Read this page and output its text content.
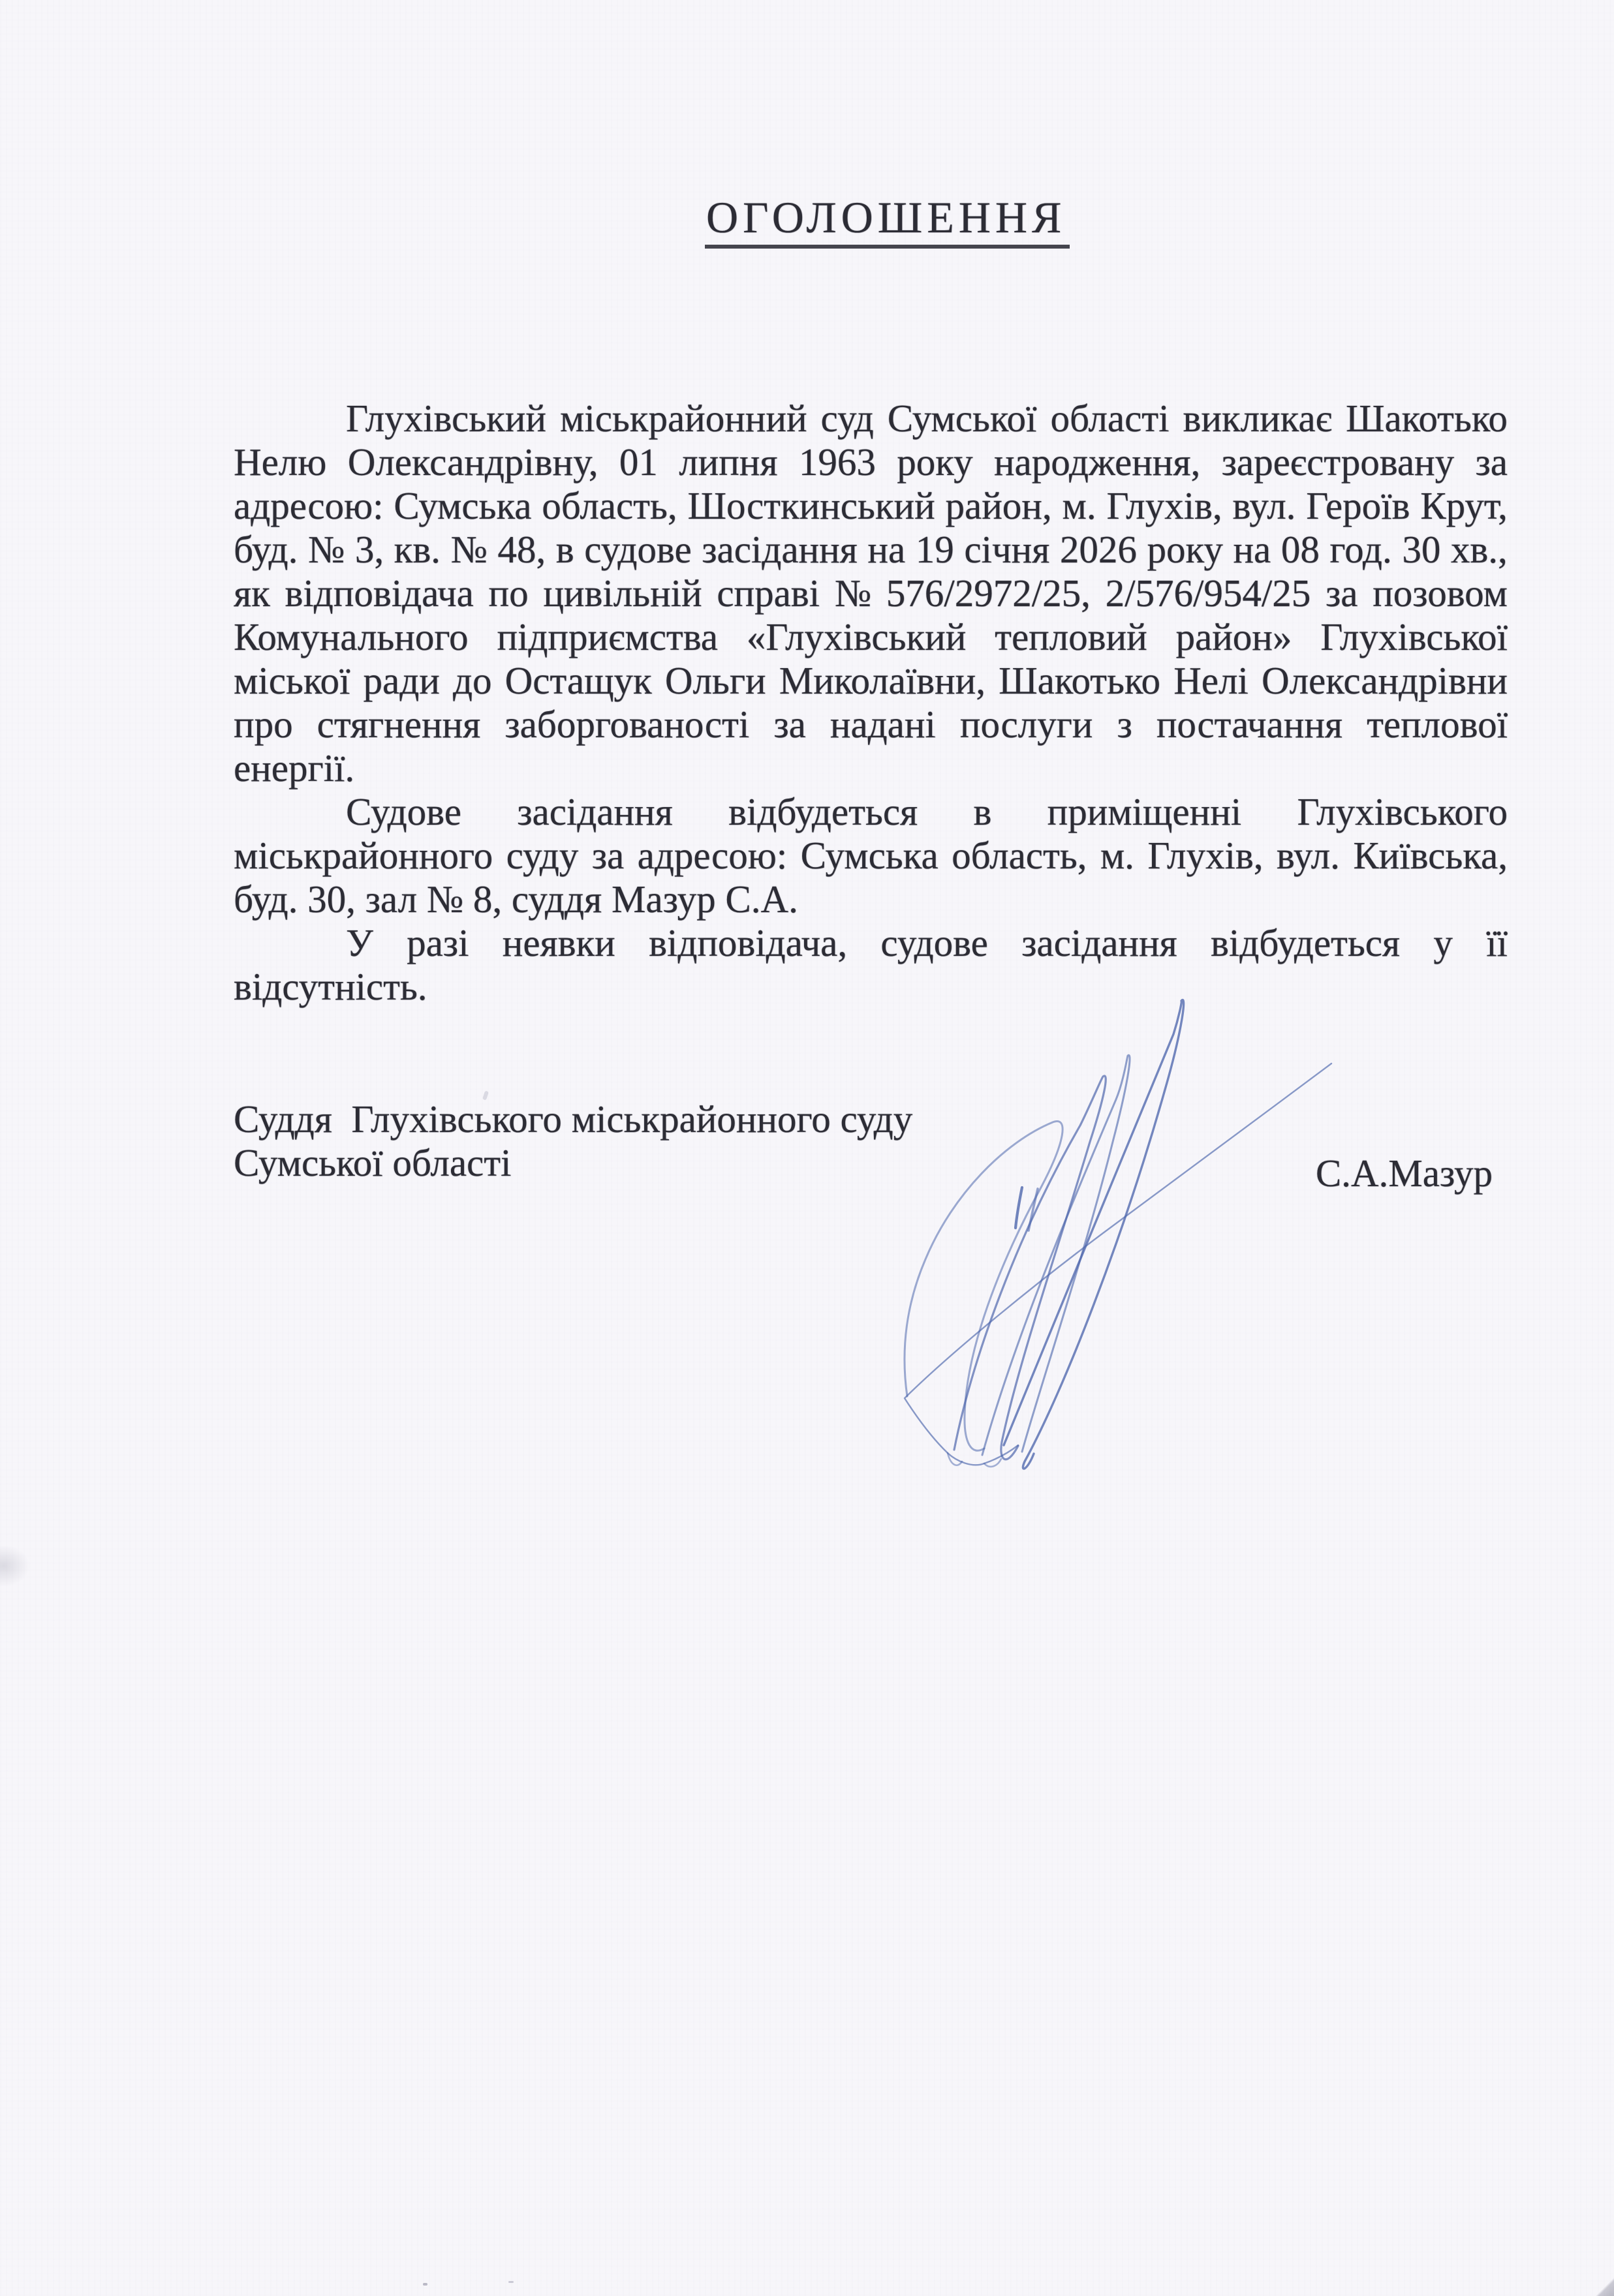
ОГОЛОШЕННЯ
Глухівський міськрайонний суд Сумської області викликає Шакотько
Нелю Олександрівну, 01 липня 1963 року народження, зареєстровану за
адресою: Сумська область, Шосткинський район, м. Глухів, вул. Героїв Крут,
буд. № 3, кв. № 48, в судове засідання на 19 січня 2026 року на 08 год. 30 хв.,
як відповідача по цивільній справі № 576/2972/25, 2/576/954/25 за позовом
Комунального підприємства «Глухівський тепловий район» Глухівської
міської ради до Остащук Ольги Миколаївни, Шакотько Нелі Олександрівни
про стягнення заборгованості за надані послуги з постачання теплової
енергії.
Судове засідання відбудеться в приміщенні Глухівського
міськрайонного суду за адресою: Сумська область, м. Глухів, вул. Київська,
буд. 30, зал № 8, суддя Мазур С.А.
У разі неявки відповідача, судове засідання відбудеться у її
відсутність.
Суддя  Глухівського міськрайонного суду
Сумської області	С.А.Мазур
